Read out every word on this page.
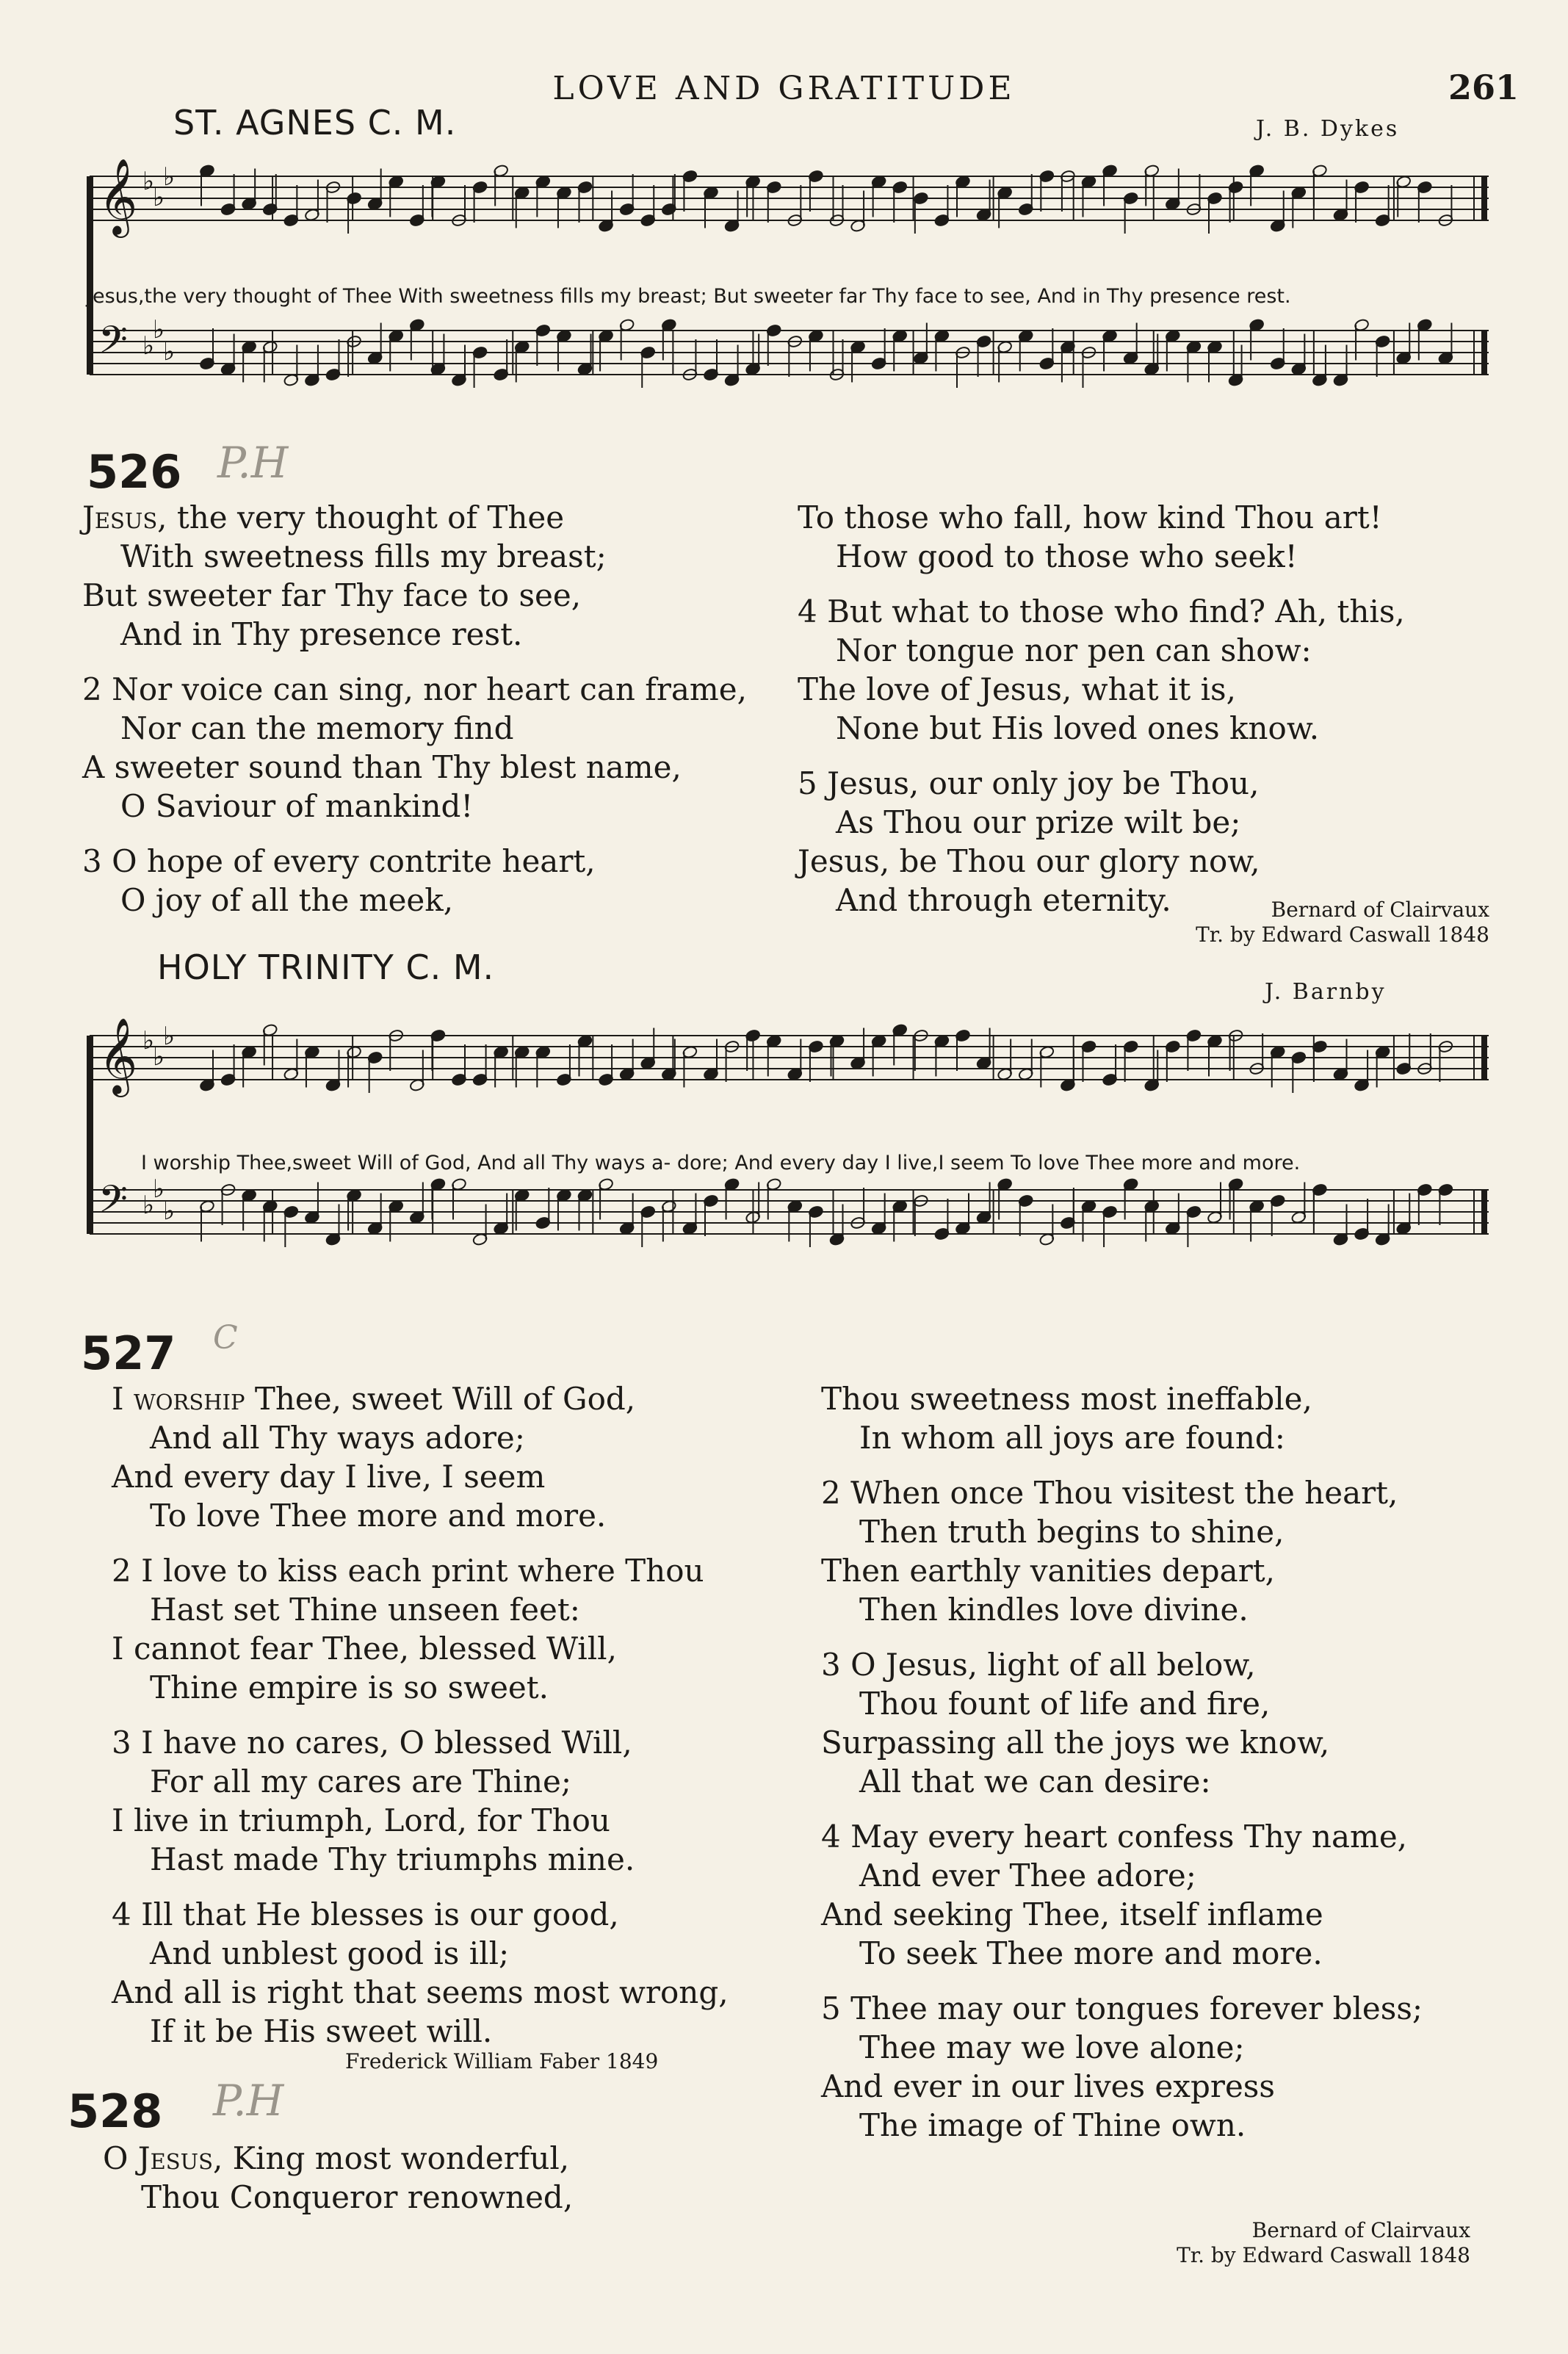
LOVE AND GRATITUDE	261
ST. AGNES C. M.	J. B. Dykes
𝄞 ♭
♭
♭
𝄢 ♭
♭
♭
Jesus,the very thought of Thee With sweetness fills my breast; But sweeter far Thy face to see, And in Thy presence rest.
526 P.H
Jesus, the very thought of Thee
With sweetness fills my breast;
But sweeter far Thy face to see,
And in Thy presence rest.
2 Nor voice can sing, nor heart can frame,
Nor can the memory find
A sweeter sound than Thy blest name,
O Saviour of mankind!
3 O hope of every contrite heart,
O joy of all the meek,
To those who fall, how kind Thou art!
How good to those who seek!
4 But what to those who find? Ah, this,
Nor tongue nor pen can show:
The love of Jesus, what it is,
None but His loved ones know.
5 Jesus, our only joy be Thou,
As Thou our prize wilt be;
Jesus, be Thou our glory now,
And through eternity.	Bernard of Clairvaux
Tr. by Edward Caswall 1848
HOLY TRINITY C. M.
J. Barnby
𝄞 ♭
♭
♭
𝄢 ♭
♭
♭
I worship Thee,sweet Will of God, And all Thy ways a- dore; And every day I live,I seem To love Thee more and more.
527 C
I worship Thee, sweet Will of God,
And all Thy ways adore;
And every day I live, I seem
To love Thee more and more.
2 I love to kiss each print where Thou
Hast set Thine unseen feet:
I cannot fear Thee, blessed Will,
Thine empire is so sweet.
3 I have no cares, O blessed Will,
For all my cares are Thine;
I live in triumph, Lord, for Thou
Hast made Thy triumphs mine.
4 Ill that He blesses is our good,
And unblest good is ill;
And all is right that seems most wrong,
If it be His sweet will.
Frederick William Faber 1849
Thou sweetness most ineffable,
In whom all joys are found:
2 When once Thou visitest the heart,
Then truth begins to shine,
Then earthly vanities depart,
Then kindles love divine.
3 O Jesus, light of all below,
Thou fount of life and fire,
Surpassing all the joys we know,
All that we can desire:
4 May every heart confess Thy name,
And ever Thee adore;
And seeking Thee, itself inflame
To seek Thee more and more.
5 Thee may our tongues forever bless;
Thee may we love alone;
And ever in our lives express
The image of Thine own.
Bernard of Clairvaux
Tr. by Edward Caswall 1848
528 P.H
O Jesus, King most wonderful,
Thou Conqueror renowned,
